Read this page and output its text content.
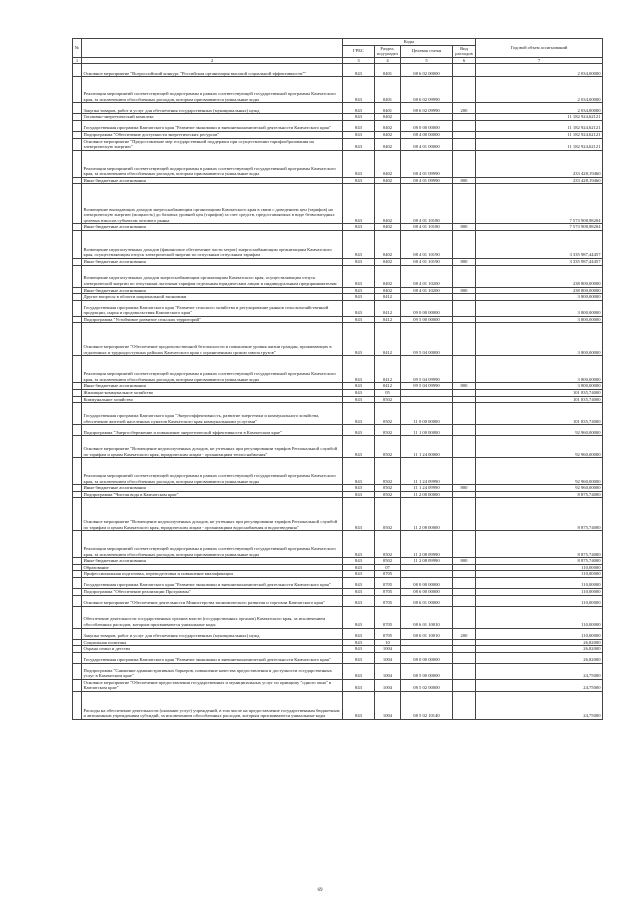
№		Коды				Годовой объем ассигнований
		ГРБС	Раздел, под-раздел	Целевая статья	Вид расходов	
1	2	3	4	5	6	7
	Основное мероприятие "Всероссийский конкурс "Российская организация высокой социальной эффективности""	843	0401	08 6 02 00000		2 034,00000
	Реализация мероприятий соответствующей подпрограммы в рамках соответствующей государственной программы Камчатского края, за исключением обособленных расходов, которым присваиваются уникальные коды	843	0401	08 6 02 09990		2 034,00000
	Закупка товаров, работ и услуг для обеспечения государственных (муниципальных) нужд	843	0401	08 6 02 09990	200	2 034,00000
	Топливно-энергетический комплекс	843	0402			11 182 924,62121
	Государственная программа Камчатского края "Развитие экономики и внешнеэкономической деятельности Камчатского края"	843	0402	08 0 00 00000		11 182 924,62121
	Подпрограмма "Обеспечение доступности энергетических ресурсов"	843	0402	08 4 00 00000		11 182 924,62121
	Основное мероприятие "Предоставление мер государственной поддержки при осуществлении тарифообразования на электрическую энергию"	843	0402	08 4 01 00000		11 182 924,62121
	Реализация мероприятий соответствующей подпрограммы в рамках соответствующей государственной программы Камчатского края, за исключением обособленных расходов, которым присваиваются уникальные коды	843	0402	08 4 01 09990		233 428,19460
	Иные бюджетные ассигнования	843	0402	08 4 01 09990	800	233 428,19460
	Возмещение выпадающих доходов энергоснабжающим организациям Камчатского края в связи с доведением цен (тарифов) на электрическую энергию (мощность) до базовых уровней цен (тарифов) за счет средств, предоставляемых в виде безвозмездных целевых взносов субъектам оптового рынка	843	0402	08 4 01 10180		7 573 908,98204
	Иные бюджетные ассигнования	843	0402	08 4 01 10180	800	7 573 908,98204
	Возмещение недополученных доходов (финансовое обеспечение части затрат) энергоснабжающим организациям Камчатского края, осуществляющим отпуск электрической энергии по отпускным отпускным тарифам	843	0402	08 4 01 10190		3 335 987,44457
	Иные бюджетные ассигнования	843	0402	08 4 01 10190	800	3 335 987,44457
	Возмещение недополученных доходов энергоснабжающим организациям Камчатского края, осуществляющим отпуск электрической энергии по отпускным льготным тарифам отдельным юридическим лицам и индивидуальным предпринимателям	843	0402	08 4 01 10200		238 800,00000
	Иные бюджетные ассигнования	843	0402	08 4 01 10200	800	238 800,00000
	Другие вопросы в области национальной экономики	843	0412			3 800,00000
	Государственная программа Камчатского края "Развитие сельского хозяйства и регулирование рынков сельскохозяйственной продукции, сырья и продовольствия Камчатского края"	843	0412	09 0 00 00000		3 800,00000
	Подпрограмма "Устойчивое развитие сельских территорий"	843	0412	09 5 00 00000		3 800,00000
	Основное мероприятие "Обеспечение продовольственной безопасности и повышение уровня жизни граждан, проживающих в отдаленных и труднодоступных районах Камчатского края с ограниченным сроком завоза грузов"	843	0412	09 5 04 00000		3 800,00000
	Реализация мероприятий соответствующей подпрограммы в рамках соответствующей государственной программы Камчатского края, за исключением обособленных расходов, которым присваиваются уникальные коды	843	0412	09 5 04 09990		3 800,00000
	Иные бюджетные ассигнования	843	0412	09 5 04 09990	800	3 800,00000
	Жилищно-коммунальное хозяйство	843	05			101 835,74000
	Коммунальное хозяйство	843	0502			101 835,74000
	Государственная программа Камчатского края "Энергоэффективность, развитие энергетики и коммунального хозяйства, обеспечение жителей населенных пунктов Камчатского края коммунальными услугами"	843	0502	11 0 00 00000		101 835,74000
	Подпрограмма "Энергосбережение и повышение энергетической эффективности в Камчатском крае"	843	0502	11 1 00 00000		92 960,00000
	Основное мероприятие "Возмещение недополученных доходов, не учтенных при регулировании тарифов Региональной службой по тарифам и ценам Камчатского края, юридическим лицам - организациям теплоснабжения"	843	0502	11 1 24 00000		92 960,00000
	Реализация мероприятий соответствующей подпрограммы в рамках соответствующей государственной программы Камчатского края, за исключением обособленных расходов, которым присваиваются уникальные коды	843	0502	11 1 24 09990		92 960,00000
	Иные бюджетные ассигнования	843	0502	11 1 24 09990	800	92 960,00000
	Подпрограмма "Чистая вода в Камчатском крае"	843	0502	11 2 00 00000		8 875,74000
	Основное мероприятие "Возмещение недополученных доходов, не учтенных при регулировании тарифов Региональной службой по тарифам и ценам Камчатского края, юридическим лицам - организациям водоснабжения и водоотведения"	843	0502	11 2 08 00000		8 875,74000
	Реализация мероприятий соответствующей подпрограммы в рамках соответствующей государственной программы Камчатского края, за исключением обособленных расходов, которым присваиваются уникальные коды	843	0502	11 2 08 09990		8 875,74000
	Иные бюджетные ассигнования	843	0502	11 2 08 09990	800	8 875,74000
	Образование	843	07			110,00000
	Профессиональная подготовка, переподготовка и повышение квалификации	843	0705			110,00000
	Государственная программа Камчатского края "Развитие экономики и внешнеэкономической деятельности Камчатского края"	843	0705	08 0 00 00000		110,00000
	Подпрограмма "Обеспечение реализации Программы"	843	0705	08 6 00 00000		110,00000
	Основное мероприятие "Обеспечение деятельности Министерства экономического развития и торговли Камчатского края"	843	0705	08 6 01 00000		110,00000
	Обеспечение деятельности государственных органов власти (государственных органов) Камчатского края, за исключением обособленных расходов, которым присваиваются уникальные коды	843	0705	08 6 01 10010		110,00000
	Закупка товаров, работ и услуг для обеспечения государственных (муниципальных) нужд	843	0705	08 6 01 10010	200	110,00000
	Социальная политика	843	10			26,82000
	Охрана семьи и детства	843	1004			26,82000
	Государственная программа Камчатского края "Развитие экономики и внешнеэкономической деятельности Камчатского края"	843	1004	08 0 00 00000		26,82000
	Подпрограмма "Снижение административных барьеров, повышение качества предоставления и доступности государственных услуг в Камчатском крае"	843	1004	08 5 00 00000		24,75000
	Основное мероприятие "Обеспечение предоставления государственных и муниципальных услуг по принципу "одного окна" в Камчатском крае"	843	1004	08 5 02 00000		24,75000
	Расходы на обеспечение деятельности (оказание услуг) учреждений, в том числе на предоставление государственным бюджетным и автономным учреждениям субсидий, за исключением обособленных расходов, которым присваиваются уникальные коды	843	1004	08 5 02 10140		24,75000
69
